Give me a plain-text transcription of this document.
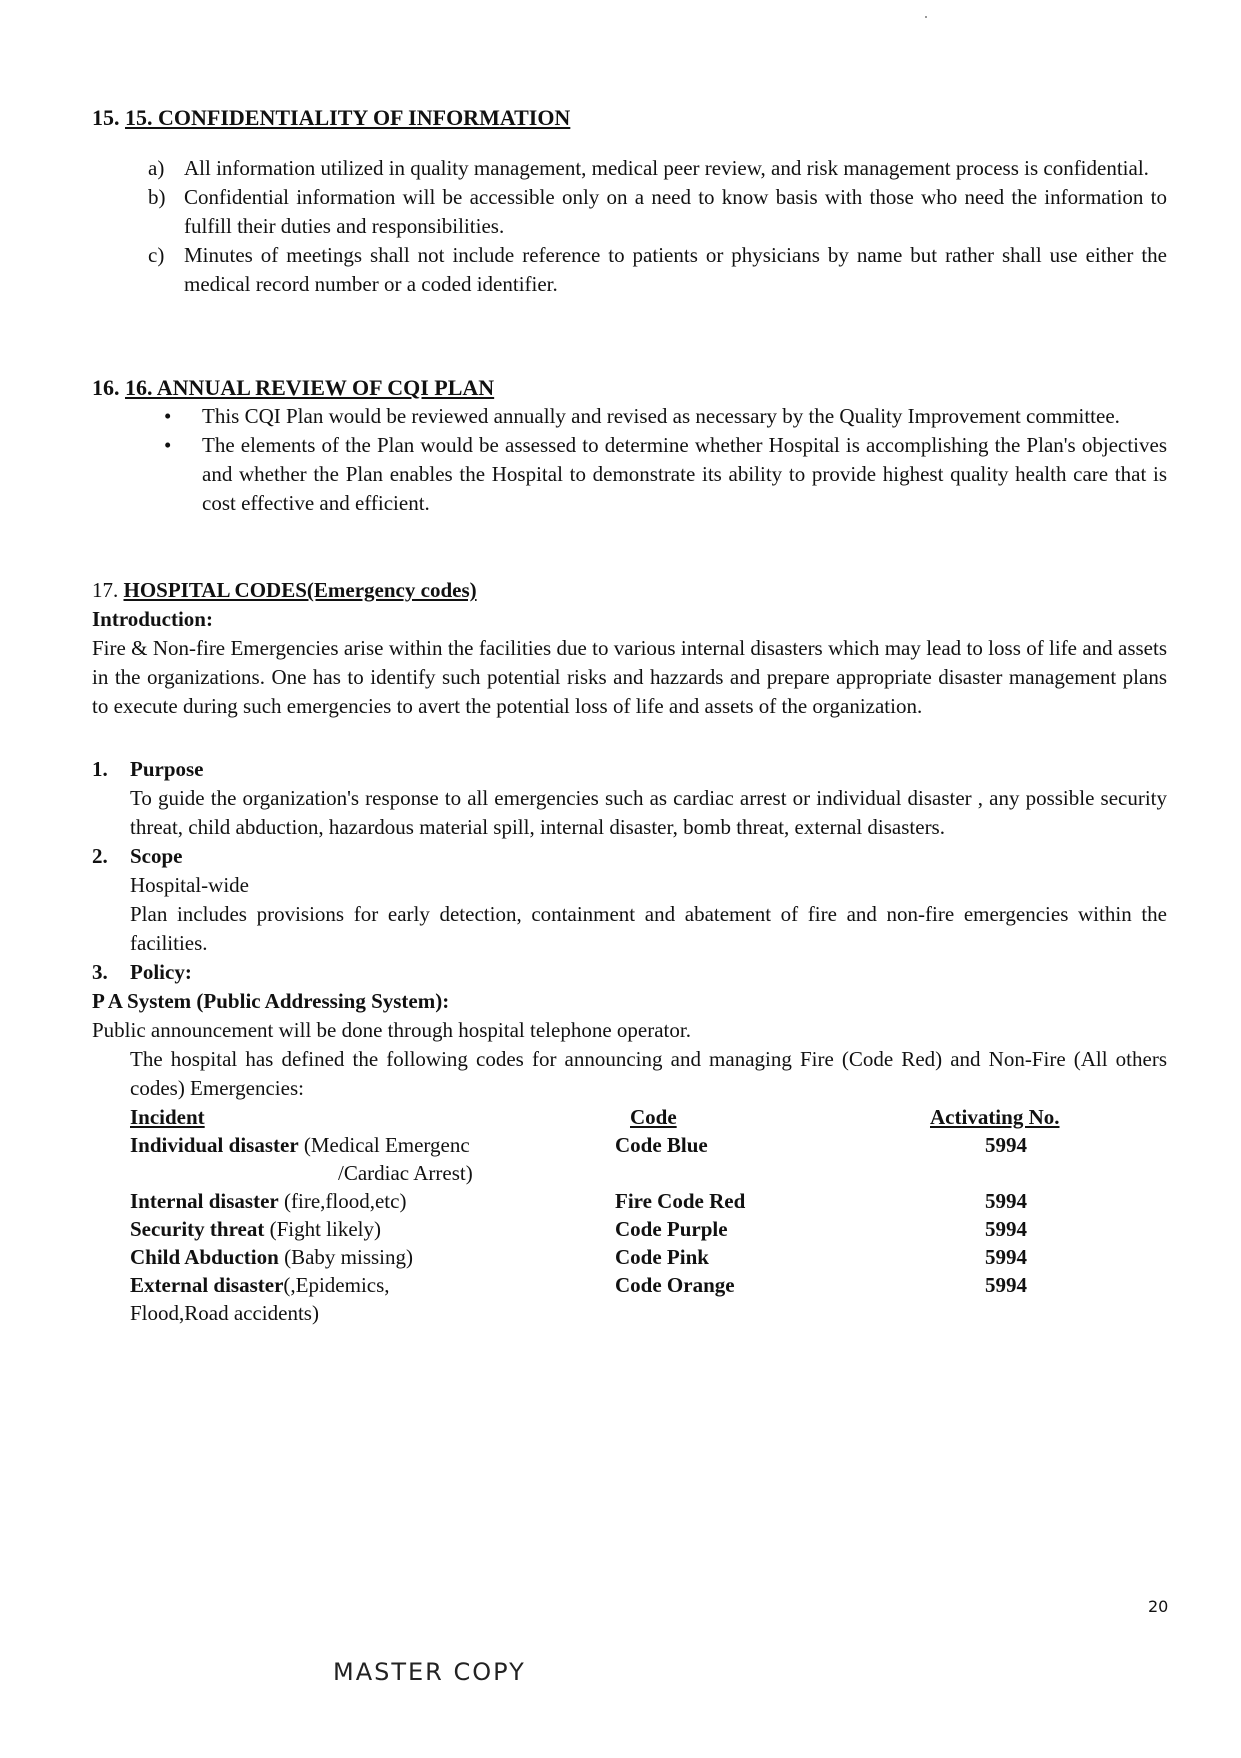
15. 15. CONFIDENTIALITY OF INFORMATION
a) All information utilized in quality management, medical peer review, and risk management process is confidential.

b) Confidential information will be accessible only on a need to know basis with those who need the information to fulfill their duties and responsibilities.

c) Minutes of meetings shall not include reference to patients or physicians by name but rather shall use either the medical record number or a coded identifier.

16. 16. ANNUAL REVIEW OF CQI PLAN
• This CQI Plan would be reviewed annually and revised as necessary by the Quality Improvement committee.

• The elements of the Plan would be assessed to determine whether Hospital is accomplishing the Plan's objectives and whether the Plan enables the Hospital to demonstrate its ability to provide highest quality health care that is cost effective and efficient.

17. HOSPITAL CODES(Emergency codes)

Introduction:

Fire & Non-fire Emergencies arise within the facilities due to various internal disasters which may lead to loss of life and assets in the organizations. One has to identify such potential risks and hazzards and prepare appropriate disaster management plans to execute during such emergencies to avert the potential loss of life and assets of the organization.

1. Purpose

To guide the organization's response to all emergencies such as cardiac arrest or individual disaster , any possible security threat, child abduction, hazardous material spill, internal disaster, bomb threat, external disasters.

2. Scope

Hospital-wide

Plan includes provisions for early detection, containment and abatement of fire and non-fire emergencies within the facilities.

3. Policy:

P A System (Public Addressing System):

Public announcement will be done through hospital telephone operator.

The hospital has defined the following codes for announcing and managing Fire (Code Red) and Non-Fire (All others codes) Emergencies:

Incident	Code	Activating No.
Individual disaster (Medical Emergenc
/Cardiac Arrest)	Code Blue	5994
Internal disaster (fire,flood,etc)	Fire Code Red	5994
Security threat (Fight likely)	Code Purple	5994
Child Abduction (Baby missing)	Code Pink	5994
External disaster(,Epidemics,
Flood,Road accidents)	Code Orange	5994
20
MASTER COPY
